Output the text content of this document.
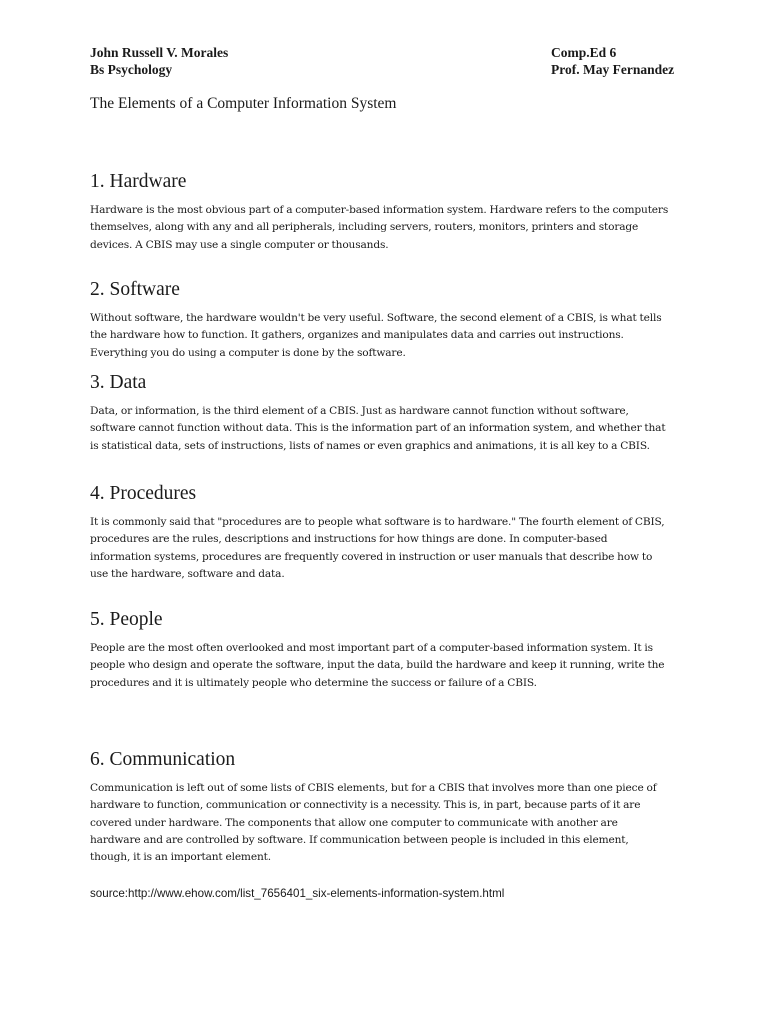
John Russell V. Morales
Bs Psychology
Comp.Ed 6
Prof. May Fernandez
The Elements of a Computer Information System
1. Hardware

Hardware is the most obvious part of a computer-based information system. Hardware refers to the computers themselves, along with any and all peripherals, including servers, routers, monitors, printers and storage devices. A CBIS may use a single computer or thousands.

2. Software

Without software, the hardware wouldn't be very useful. Software, the second element of a CBIS, is what tells the hardware how to function. It gathers, organizes and manipulates data and carries out instructions. Everything you do using a computer is done by the software.

3. Data

Data, or information, is the third element of a CBIS. Just as hardware cannot function without software, software cannot function without data. This is the information part of an information system, and whether that is statistical data, sets of instructions, lists of names or even graphics and animations, it is all key to a CBIS.

4. Procedures

It is commonly said that "procedures are to people what software is to hardware." The fourth element of CBIS, procedures are the rules, descriptions and instructions for how things are done. In computer-based information systems, procedures are frequently covered in instruction or user manuals that describe how to use the hardware, software and data.

5. People

People are the most often overlooked and most important part of a computer-based information system. It is people who design and operate the software, input the data, build the hardware and keep it running, write the procedures and it is ultimately people who determine the success or failure of a CBIS.

6. Communication

Communication is left out of some lists of CBIS elements, but for a CBIS that involves more than one piece of hardware to function, communication or connectivity is a necessity. This is, in part, because parts of it are covered under hardware. The components that allow one computer to communicate with another are hardware and are controlled by software. If communication between people is included in this element, though, it is an important element.

source:http://www.ehow.com/list_7656401_six-elements-information-system.html
